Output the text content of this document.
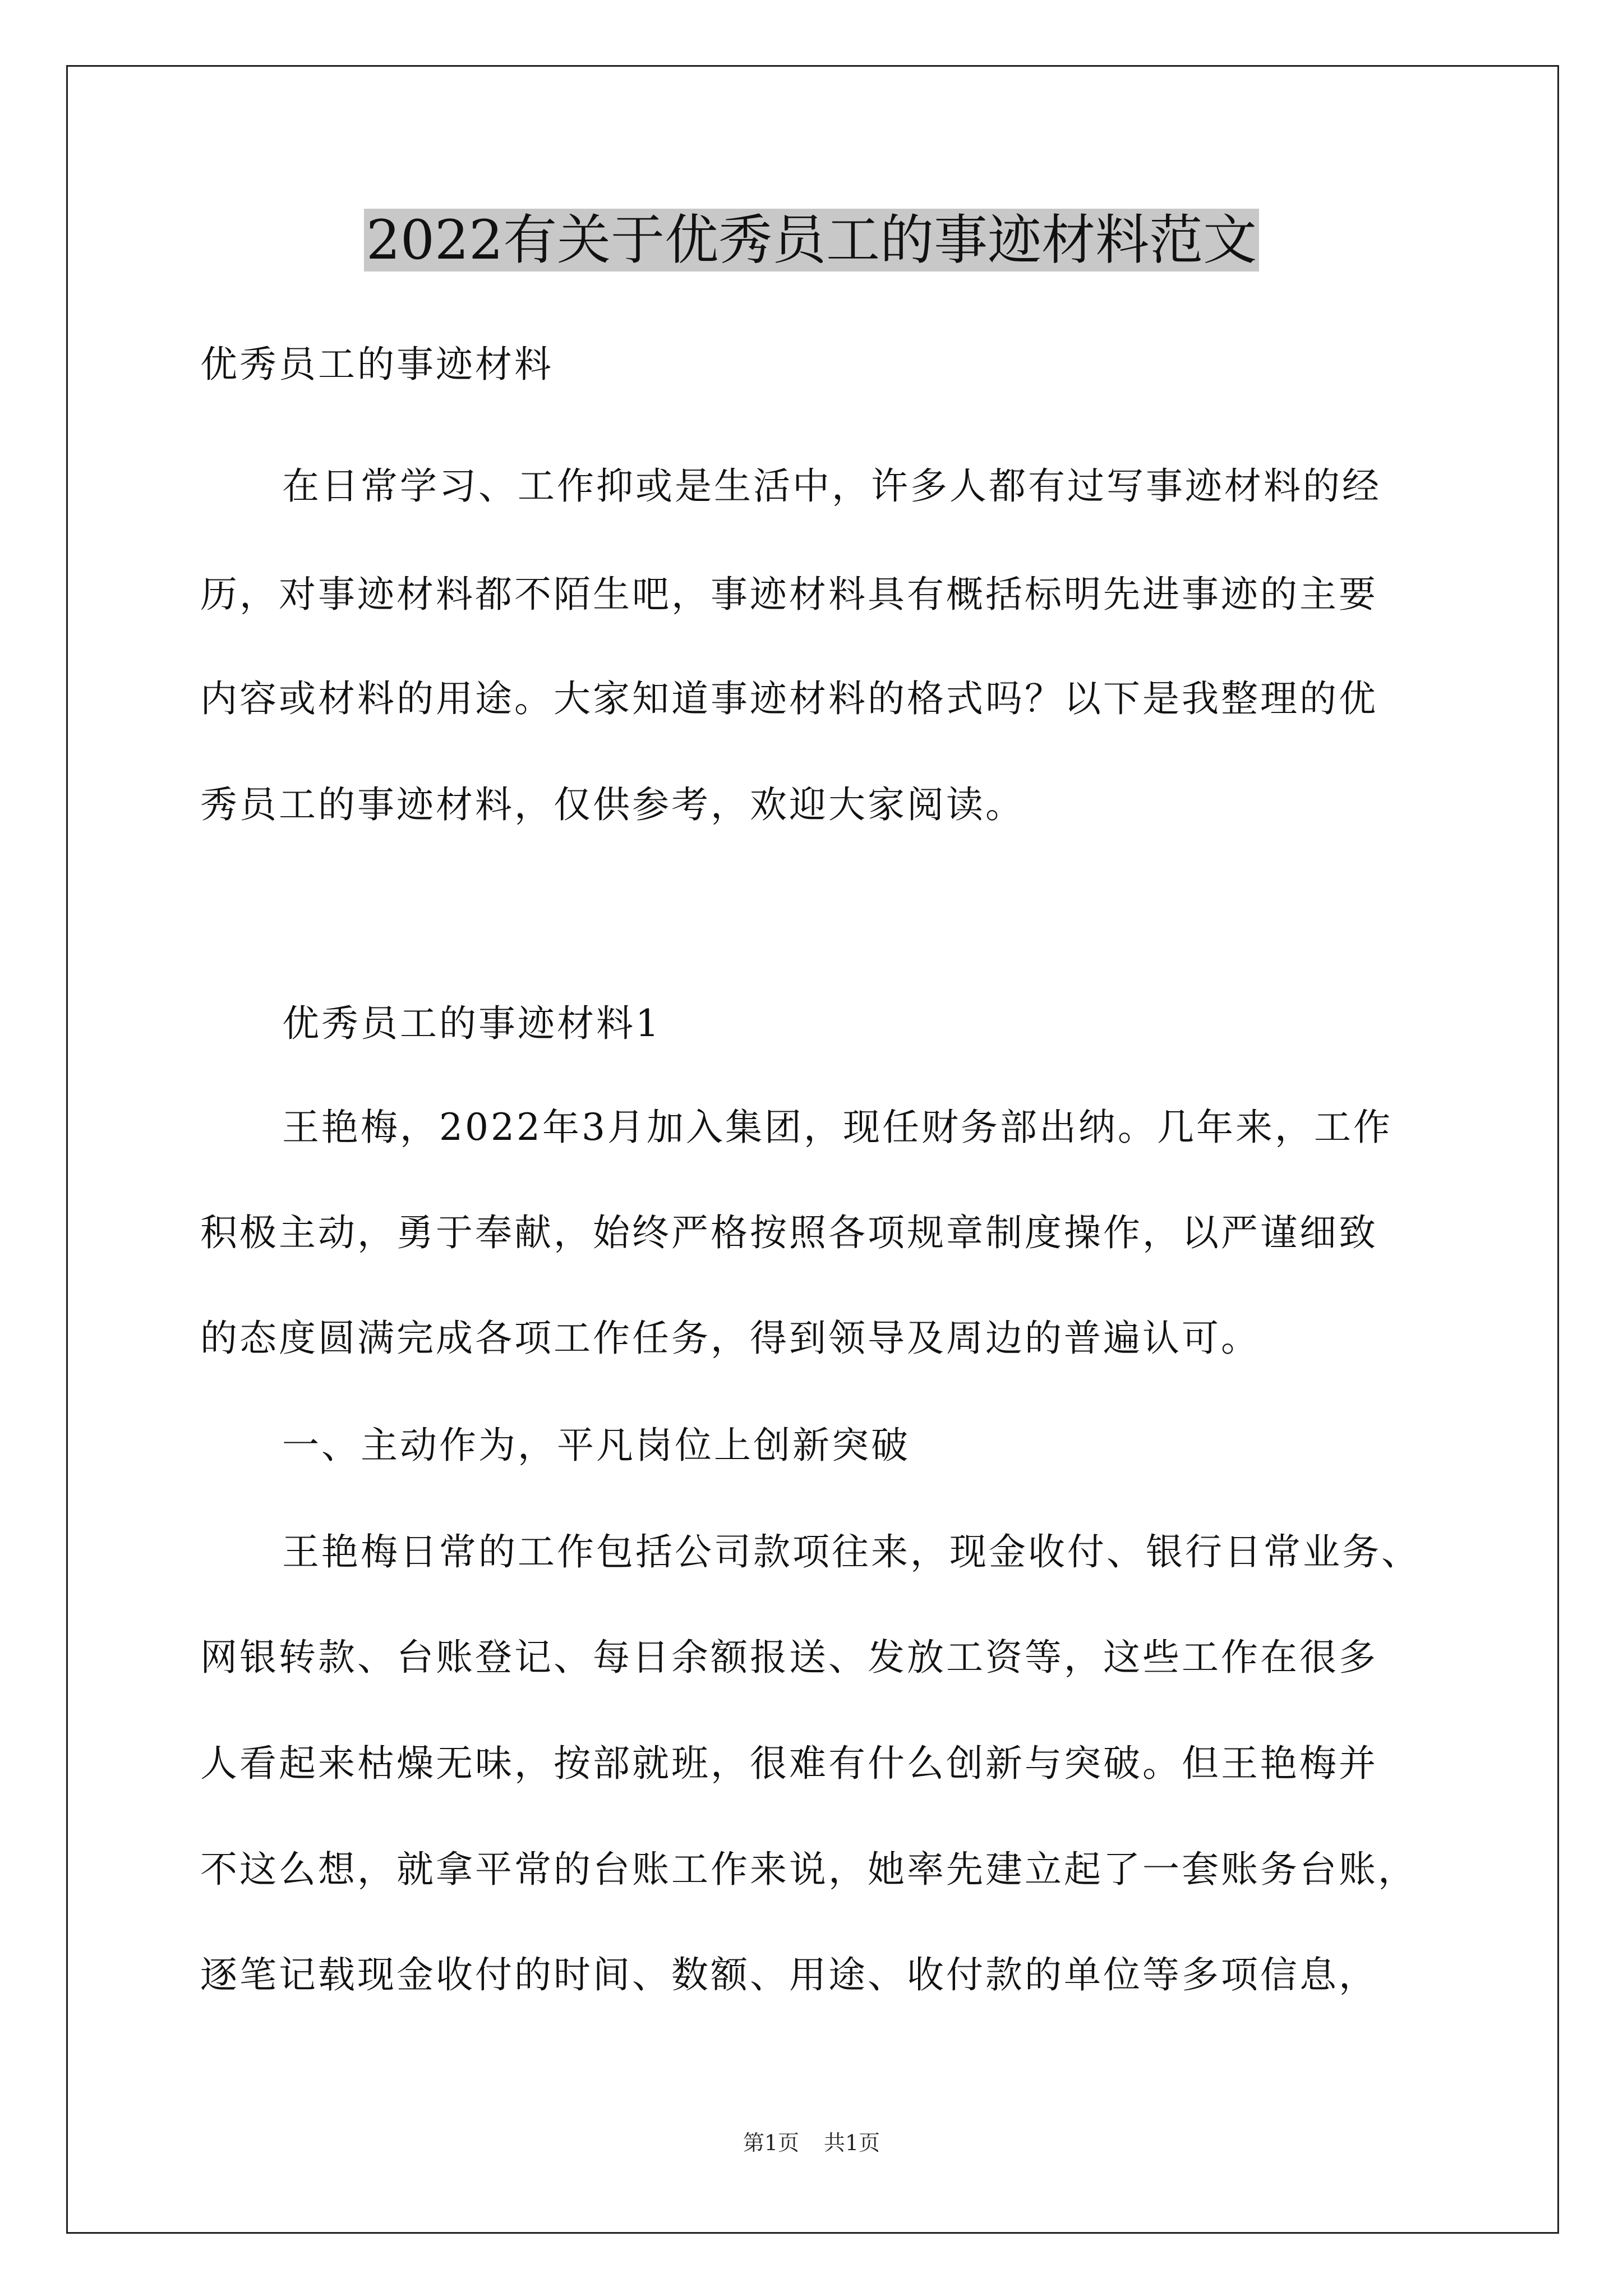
2022有关于优秀员工的事迹材料范文
优秀员工的事迹材料
在日常学习、工作抑或是生活中，许多人都有过写事迹材料的经
历，对事迹材料都不陌生吧，事迹材料具有概括标明先进事迹的主要
内容或材料的用途。大家知道事迹材料的格式吗？以下是我整理的优
秀员工的事迹材料，仅供参考，欢迎大家阅读。
优秀员工的事迹材料1
王艳梅，2022年3月加入集团，现任财务部出纳。几年来，工作
积极主动，勇于奉献，始终严格按照各项规章制度操作，以严谨细致
的态度圆满完成各项工作任务，得到领导及周边的普遍认可。
一、主动作为，平凡岗位上创新突破
王艳梅日常的工作包括公司款项往来，现金收付、银行日常业务、
网银转款、台账登记、每日余额报送、发放工资等，这些工作在很多
人看起来枯燥无味，按部就班，很难有什么创新与突破。但王艳梅并
不这么想，就拿平常的台账工作来说，她率先建立起了一套账务台账，
逐笔记载现金收付的时间、数额、用途、收付款的单位等多项信息，
第1页 共1页
